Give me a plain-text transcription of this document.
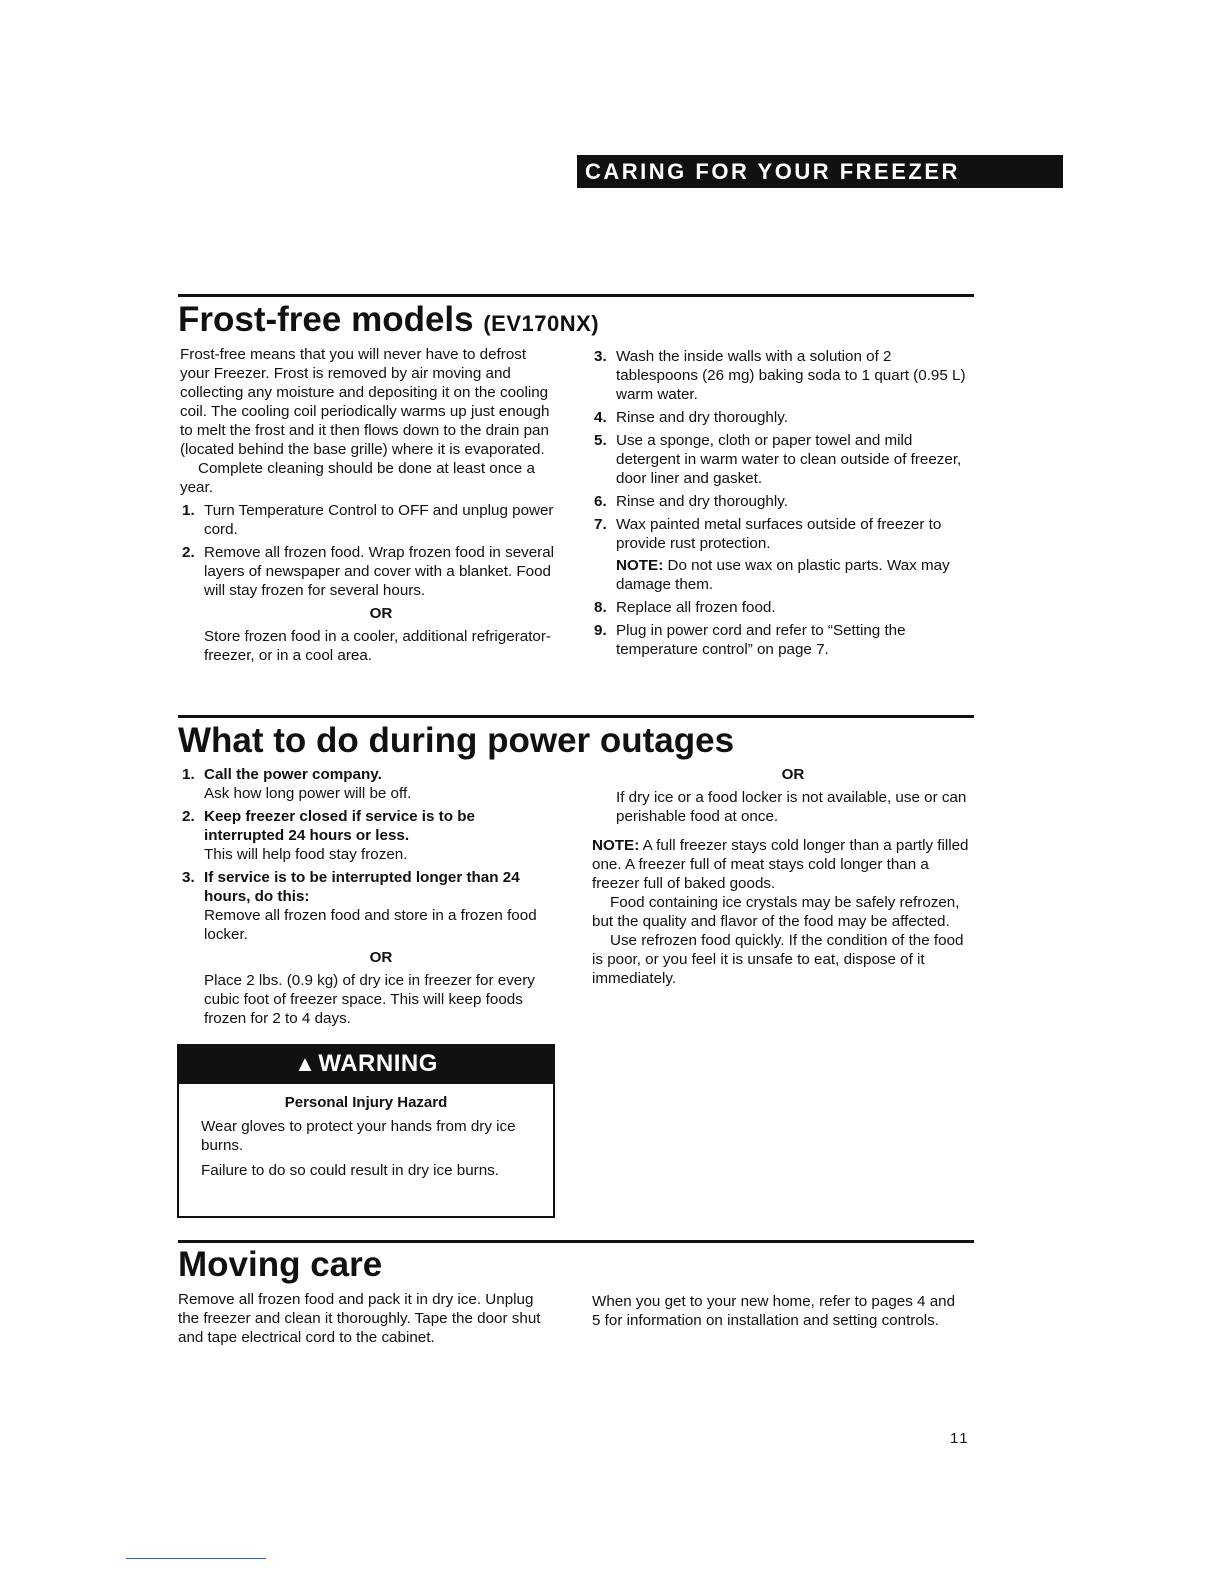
CARING FOR YOUR FREEZER
Frost-free models (EV170NX)

Frost-free means that you will never have to defrost your Freezer. Frost is removed by air moving and collecting any moisture and depositing it on the cooling coil. The cooling coil periodically warms up just enough to melt the frost and it then flows down to the drain pan (located behind the base grille) where it is evaporated.

Complete cleaning should be done at least once a year.

1. Turn Temperature Control to OFF and unplug power cord.
2. Remove all frozen food. Wrap frozen food in several layers of newspaper and cover with a blanket. Food will stay frozen for several hours.
OR
Store frozen food in a cooler, additional refrigerator-freezer, or in a cool area.
3. Wash the inside walls with a solution of 2 tablespoons (26 mg) baking soda to 1 quart (0.95 L) warm water.
4. Rinse and dry thoroughly.
5. Use a sponge, cloth or paper towel and mild detergent in warm water to clean outside of freezer, door liner and gasket.
6. Rinse and dry thoroughly.
7. Wax painted metal surfaces outside of freezer to provide rust protection.
NOTE: Do not use wax on plastic parts. Wax may damage them.
8. Replace all frozen food.
9. Plug in power cord and refer to “Setting the temperature control” on page 7.
What to do during power outages
1. Call the power company.
Ask how long power will be off.
2. Keep freezer closed if service is to be interrupted 24 hours or less.
This will help food stay frozen.
3. If service is to be interrupted longer than 24 hours, do this:
Remove all frozen food and store in a frozen food locker.
OR
Place 2 lbs. (0.9 kg) of dry ice in freezer for every cubic foot of freezer space. This will keep foods frozen for 2 to 4 days.
OR
If dry ice or a food locker is not available, use or can perishable food at once.

NOTE: A full freezer stays cold longer than a partly filled one. A freezer full of meat stays cold longer than a freezer full of baked goods.

Food containing ice crystals may be safely refrozen, but the quality and flavor of the food may be affected.

Use refrozen food quickly. If the condition of the food is poor, or you feel it is unsafe to eat, dispose of it immediately.

▲WARNING
Personal Injury Hazard

Wear gloves to protect your hands from dry ice burns.

Failure to do so could result in dry ice burns.

Moving care
Remove all frozen food and pack it in dry ice. Unplug the freezer and clean it thoroughly. Tape the door shut and tape electrical cord to the cabinet.
When you get to your new home, refer to pages 4 and 5 for information on installation and setting controls.
11
